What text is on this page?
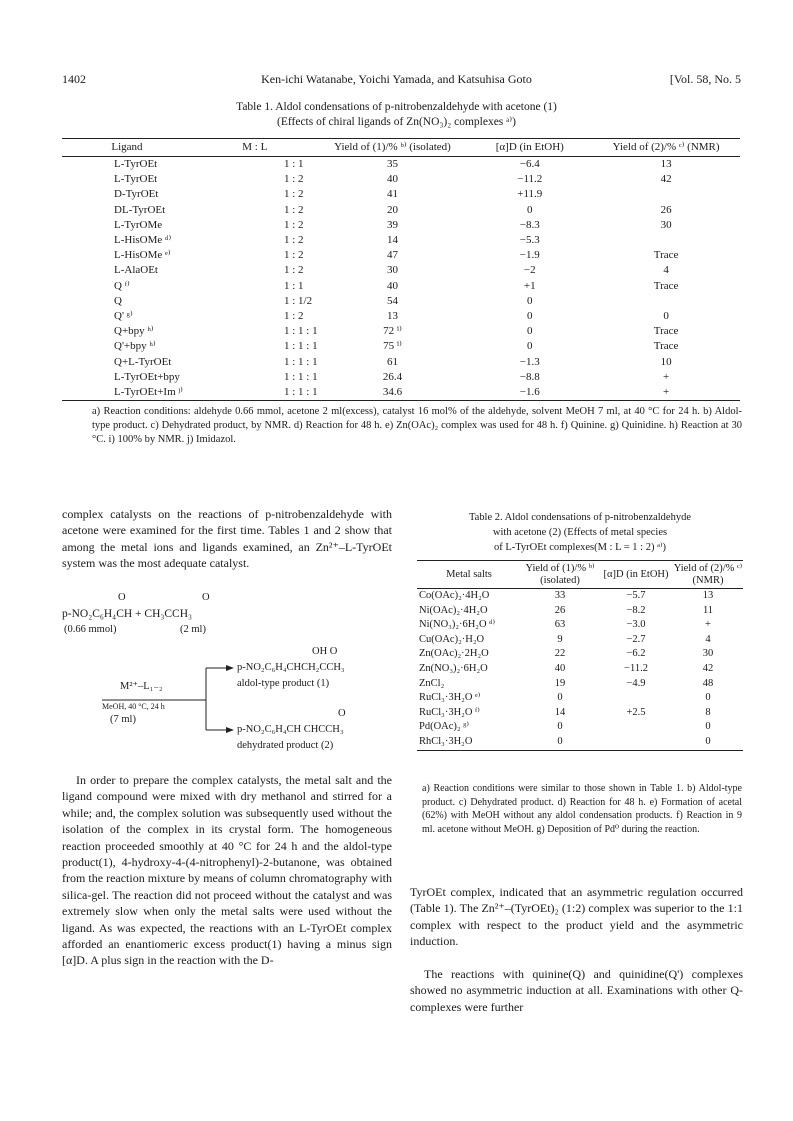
1402	Ken-ichi Watanabe, Yoichi Yamada, and Katsuhisa Goto	[Vol. 58, No. 5
Table 1. Aldol condensations of p-nitrobenzaldehyde with acetone (1)
(Effects of chiral ligands of Zn(NO₃)₂ complexes ᵃ⁾)
Ligand	M : L	Yield of (1)/% ᵇ⁾ (isolated)	[α]D (in EtOH)	Yield of (2)/% ᶜ⁾ (NMR)
L-TyrOEt	1 : 1	35	−6.4	13
L-TyrOEt	1 : 2	40	−11.2	42
D-TyrOEt	1 : 2	41	+11.9	
DL-TyrOEt	1 : 2	20	0	26
L-TyrOMe	1 : 2	39	−8.3	30
L-HisOMe ᵈ⁾	1 : 2	14	−5.3	
L-HisOMe ᵉ⁾	1 : 2	47	−1.9	Trace
L-AlaOEt	1 : 2	30	−2	4
Q ᶠ⁾	1 : 1	40	+1	Trace
Q	1 : 1/2	54	0	
Q' ᵍ⁾	1 : 2	13	0	0
Q+bpy ʰ⁾	1 : 1 : 1	72 ⁱ⁾	0	Trace
Q'+bpy ʰ⁾	1 : 1 : 1	75 ⁱ⁾	0	Trace
Q+L-TyrOEt	1 : 1 : 1	61	−1.3	10
L-TyrOEt+bpy	1 : 1 : 1	26.4	−8.8	+
L-TyrOEt+Im ʲ⁾	1 : 1 : 1	34.6	−1.6	+
a) Reaction conditions: aldehyde 0.66 mmol, acetone 2 ml(excess), catalyst 16 mol% of the aldehyde, solvent MeOH 7 ml, at 40 °C for 24 h. b) Aldol-type product. c) Dehydrated product, by NMR. d) Reaction for 48 h. e) Zn(OAc)₂ complex was used for 48 h. f) Quinine. g) Quinidine. h) Reaction at 30 °C. i) 100% by NMR. j) Imidazol.
complex catalysts on the reactions of p-nitrobenzaldehyde with acetone were examined for the first time. Tables 1 and 2 show that among the metal ions and ligands examined, an Zn²⁺–L-TyrOEt system was the most adequate catalyst.
O	O
p-NO₂C₆H₄CH + CH₃CCH₃
(0.66 mmol)	(2 ml)
OH O
p-NO₂C₆H₄CHCH₂CCH₃
aldol-type product (1)
M²⁺–L₁₋₂
MeOH, 40 °C, 24 h
(7 ml)
O
p-NO₂C₆H₄CH CHCCH₃
dehydrated product (2)
In order to prepare the complex catalysts, the metal salt and the ligand compound were mixed with dry methanol and stirred for a while; and, the complex solution was subsequently used without the isolation of the complex in its crystal form. The homogeneous reaction proceeded smoothly at 40 °C for 24 h and the aldol-type product(1), 4-hydroxy-4-(4-nitrophenyl)-2-butanone, was obtained from the reaction mixture by means of column chromatography with silica-gel. The reaction did not proceed without the catalyst and was extremely slow when only the metal salts were used without the ligand. As was expected, the reactions with an L-TyrOEt complex afforded an enantiomeric excess product(1) having a minus sign [α]D. A plus sign in the reaction with the D-
Table 2. Aldol condensations of p-nitrobenzaldehyde
with acetone (2) (Effects of metal species
of L-TyrOEt complexes(M : L = 1 : 2) ᵃ⁾)
Metal salts	Yield of (1)/% ᵇ⁾ (isolated)	[α]D (in EtOH)	Yield of (2)/% ᶜ⁾ (NMR)
Co(OAc)₂·4H₂O	33	−5.7	13
Ni(OAc)₂·4H₂O	26	−8.2	11
Ni(NO₃)₂·6H₂O ᵈ⁾	63	−3.0	+
Cu(OAc)₂·H₂O	9	−2.7	4
Zn(OAc)₂·2H₂O	22	−6.2	30
Zn(NO₃)₂·6H₂O	40	−11.2	42
ZnCl₂	19	−4.9	48
RuCl₃·3H₂O ᵉ⁾	0		0
RuCl₃·3H₂O ᶠ⁾	14	+2.5	8
Pd(OAc)₂ ᵍ⁾	0		0
RhCl₃·3H₂O	0		0
a) Reaction conditions were similar to those shown in Table 1. b) Aldol-type product. c) Dehydrated product. d) Reaction for 48 h. e) Formation of acetal (62%) with MeOH without any aldol condensation products. f) Reaction in 9 ml. acetone without MeOH. g) Deposition of Pd⁰ during the reaction.
TyrOEt complex, indicated that an asymmetric regulation occurred (Table 1). The Zn²⁺–(TyrOEt)₂ (1:2) complex was superior to the 1:1 complex with respect to the product yield and the asymmetric induction.
The reactions with quinine(Q) and quinidine(Q') complexes showed no asymmetric induction at all. Examinations with other Q-complexes were further
